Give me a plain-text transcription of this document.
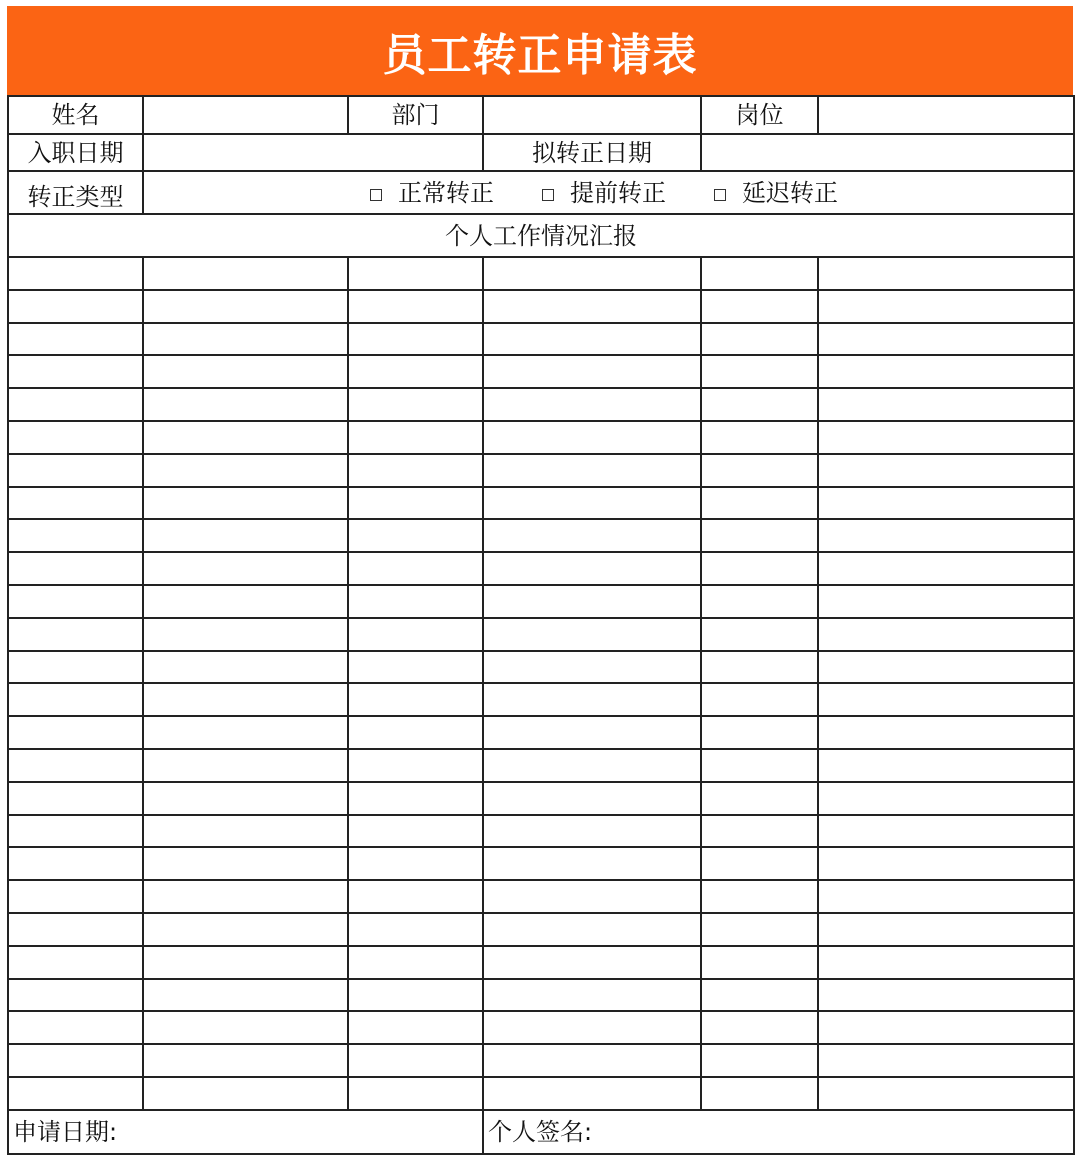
员工转正申请表
姓名		部门		岗位	
入职日期			拟转正日期		
转正类型	正常转正 提前转正 延迟转正				

个人工作情况汇报					

申请日期:			个人签名:		
